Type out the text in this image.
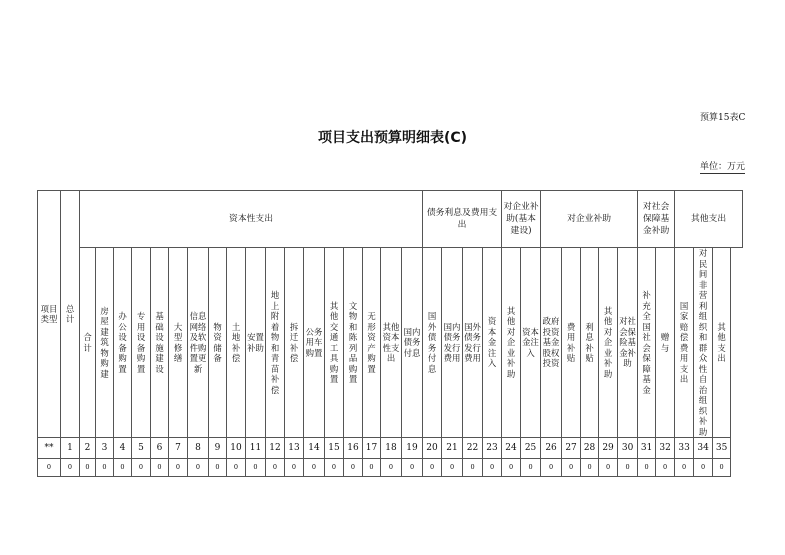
预算15表C
项目支出预算明细表(C)
单位：万元
项目类型	总计	资本性支出																		债务利息及费用支出				对企业补助(基本建设)		对企业补助					对社会保障基金补助		其他支出		
		合计	房屋建筑物购建	办公设备购置	专用设备购置	基础设施建设	大型修缮	信息网络及软件购置更新	物资储备	土地补偿	安置补助	地上附着物和青苗补偿	拆迁补偿	公务用车购置	其他交通工具购置	文物和陈列品购置	无形资产购置	其他资本性支出	国内债务付息	国外债务付息	国内债务发行费用	国外债务发行费用	资本金注入	其他对企业补助	资本金注入	政府投资基金股权投资	费用补贴	利息补贴	其他对企业补助	对社会保险基金补助	补充全国社会保障基金	赠与	国家赔偿费用支出	对民间非营利组织和群众性自治组织补助	其他支出
**	1	2	3	4	5	6	7	8	9	10	11	12	13	14	15	16	17	18	19	20	21	22	23	24	25	26	27	28	29	30	31	32	33	34	35
0	0	0	0	0	0	0	0	0	0	0	0	0	0	0	0	0	0	0	0	0	0	0	0	0	0	0	0	0	0	0	0	0	0	0	0
